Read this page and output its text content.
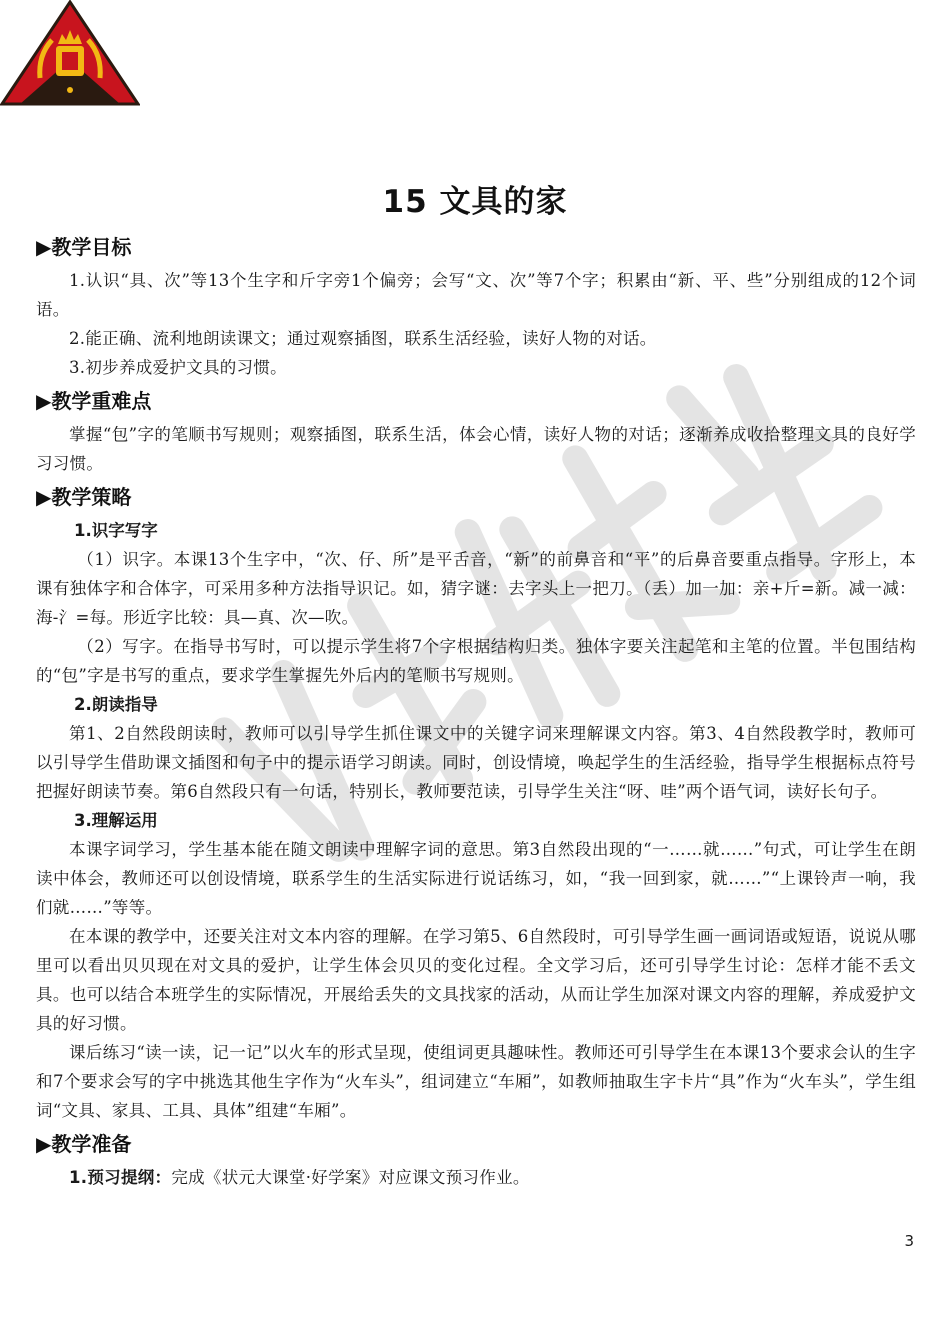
15 文具的家
▶教学目标

1.认识“具、次”等13个生字和斤字旁1个偏旁；会写“文、次”等7个字；积累由“新、平、些”分别组成的12个词语。

2.能正确、流利地朗读课文；通过观察插图，联系生活经验，读好人物的对话。

3.初步养成爱护文具的习惯。

▶教学重难点

掌握“包”字的笔顺书写规则；观察插图，联系生活，体会心情，读好人物的对话；逐渐养成收拾整理文具的良好学习习惯。

▶教学策略
1.识字写字

（1）识字。本课13个生字中，“次、仔、所”是平舌音，“新”的前鼻音和“平”的后鼻音要重点指导。字形上，本课有独体字和合体字，可采用多种方法指导识记。如，猜字谜：去字头上一把刀。（丢）加一加：亲+斤=新。减一减：海-氵=每。形近字比较：具—真、次—吹。

（2）写字。在指导书写时，可以提示学生将7个字根据结构归类。独体字要关注起笔和主笔的位置。半包围结构的“包”字是书写的重点，要求学生掌握先外后内的笔顺书写规则。

2.朗读指导

第1、2自然段朗读时，教师可以引导学生抓住课文中的关键字词来理解课文内容。第3、4自然段教学时，教师可以引导学生借助课文插图和句子中的提示语学习朗读。同时，创设情境，唤起学生的生活经验，指导学生根据标点符号把握好朗读节奏。第6自然段只有一句话，特别长，教师要范读，引导学生关注“呀、哇”两个语气词，读好长句子。

3.理解运用

本课字词学习，学生基本能在随文朗读中理解字词的意思。第3自然段出现的“一……就……”句式，可让学生在朗读中体会，教师还可以创设情境，联系学生的生活实际进行说话练习，如，“我一回到家，就……”“上课铃声一响，我们就……”等等。

在本课的教学中，还要关注对文本内容的理解。在学习第5、6自然段时，可引导学生画一画词语或短语，说说从哪里可以看出贝贝现在对文具的爱护，让学生体会贝贝的变化过程。全文学习后，还可引导学生讨论：怎样才能不丢文具。也可以结合本班学生的实际情况，开展给丢失的文具找家的活动，从而让学生加深对课文内容的理解，养成爱护文具的好习惯。

课后练习“读一读，记一记”以火车的形式呈现，使组词更具趣味性。教师还可引导学生在本课13个要求会认的生字和7个要求会写的字中挑选其他生字作为“火车头”，组词建立“车厢”，如教师抽取生字卡片“具”作为“火车头”，学生组词“文具、家具、工具、具体”组建“车厢”。

▶教学准备

1.预习提纲：完成《状元大课堂·好学案》对应课文预习作业。

3
